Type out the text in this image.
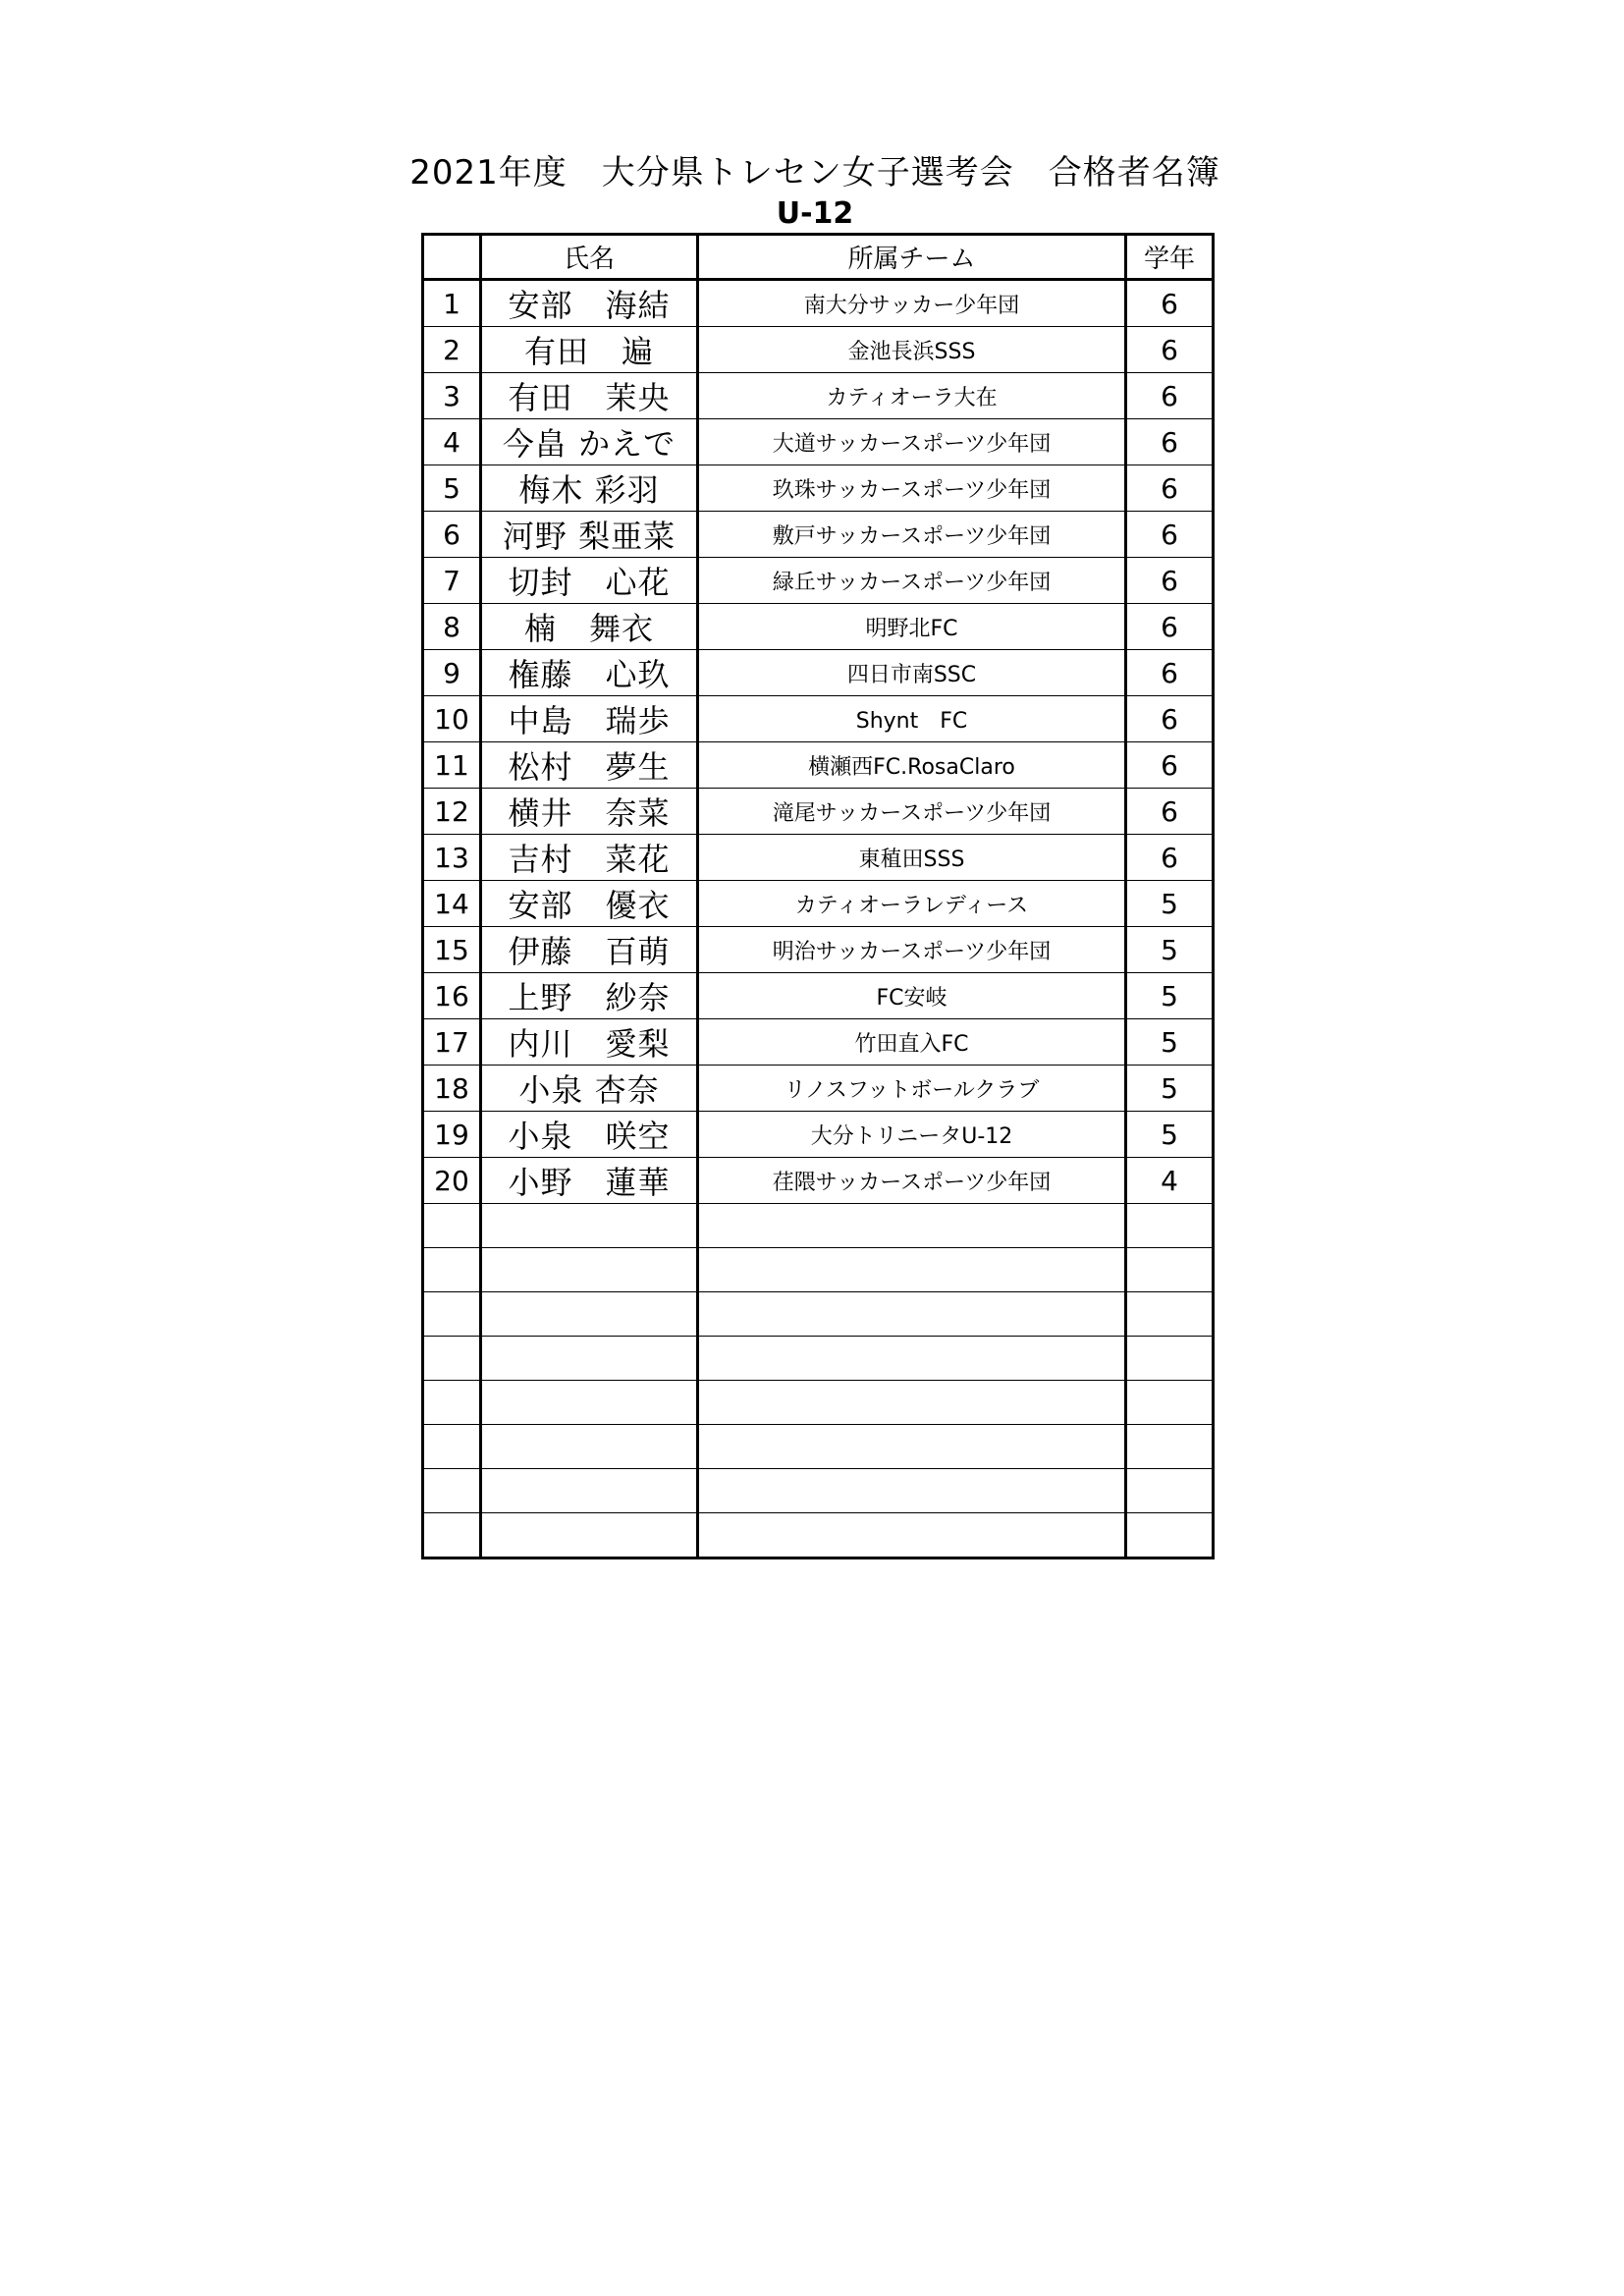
2021年度　大分県トレセン女子選考会　合格者名簿
U-12
	氏名	所属チーム	学年
1	安部　海結	南大分サッカー少年団	6
2	有田　遍	金池長浜SSS	6
3	有田　茉央	カティオーラ大在	6
4	今畠 かえで	大道サッカースポーツ少年団	6
5	梅木 彩羽	玖珠サッカースポーツ少年団	6
6	河野 梨亜菜	敷戸サッカースポーツ少年団	6
7	切封　心花	緑丘サッカースポーツ少年団	6
8	楠　舞衣	明野北FC	6
9	権藤　心玖	四日市南SSC	6
10	中島　瑞歩	Shynt　FC	6
11	松村　夢生	横瀬西FC.RosaClaro	6
12	横井　奈菜	滝尾サッカースポーツ少年団	6
13	吉村　菜花	東稙田SSS	6
14	安部　優衣	カティオーラレディース	5
15	伊藤　百萌	明治サッカースポーツ少年団	5
16	上野　紗奈	FC安岐	5
17	内川　愛梨	竹田直入FC	5
18	小泉 杏奈	リノスフットボールクラブ	5
19	小泉　咲空	大分トリニータU-12	5
20	小野　蓮華	荏隈サッカースポーツ少年団	4
